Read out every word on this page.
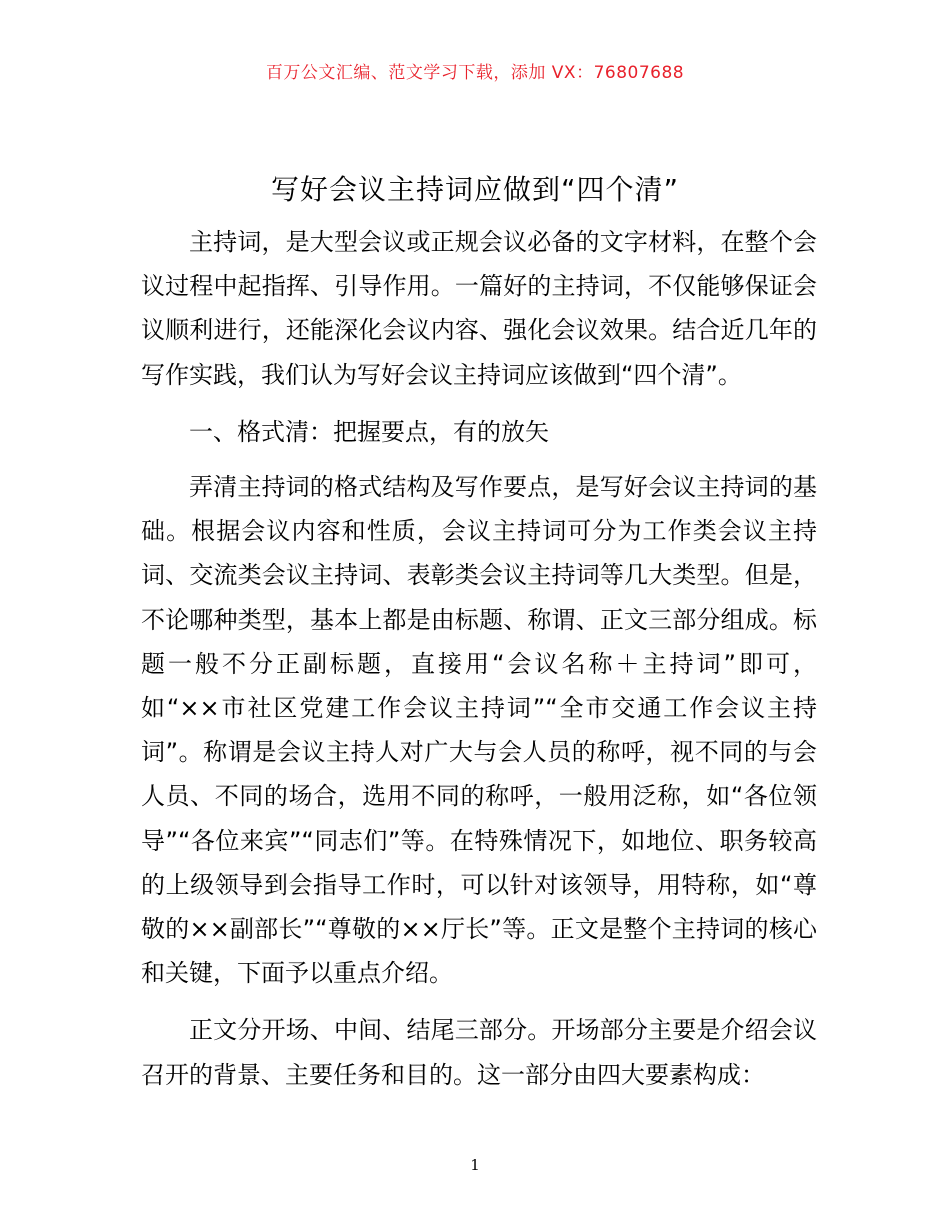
百万公文汇编、范文学习下载，添加 VX：76807688
写好会议主持词应做到“四个清”

主持词，是大型会议或正规会议必备的文字材料，在整个会议过程中起指挥、引导作用。一篇好的主持词，不仅能够保证会议顺利进行，还能深化会议内容、强化会议效果。结合近几年的写作实践，我们认为写好会议主持词应该做到“四个清”。

一、格式清：把握要点，有的放矢

弄清主持词的格式结构及写作要点，是写好会议主持词的基础。根据会议内容和性质，会议主持词可分为工作类会议主持词、交流类会议主持词、表彰类会议主持词等几大类型。但是，不论哪种类型，基本上都是由标题、称谓、正文三部分组成。标题一般不分正副标题，直接用“会议名称＋主持词”即可，如“××市社区党建工作会议主持词”“全市交通工作会议主持词”。称谓是会议主持人对广大与会人员的称呼，视不同的与会人员、不同的场合，选用不同的称呼，一般用泛称，如“各位领导”“各位来宾”“同志们”等。在特殊情况下，如地位、职务较高的上级领导到会指导工作时，可以针对该领导，用特称，如“尊敬的××副部长”“尊敬的××厅长”等。正文是整个主持词的核心和关键，下面予以重点介绍。

正文分开场、中间、结尾三部分。开场部分主要是介绍会议召开的背景、主要任务和目的。这一部分由四大要素构成：

1
